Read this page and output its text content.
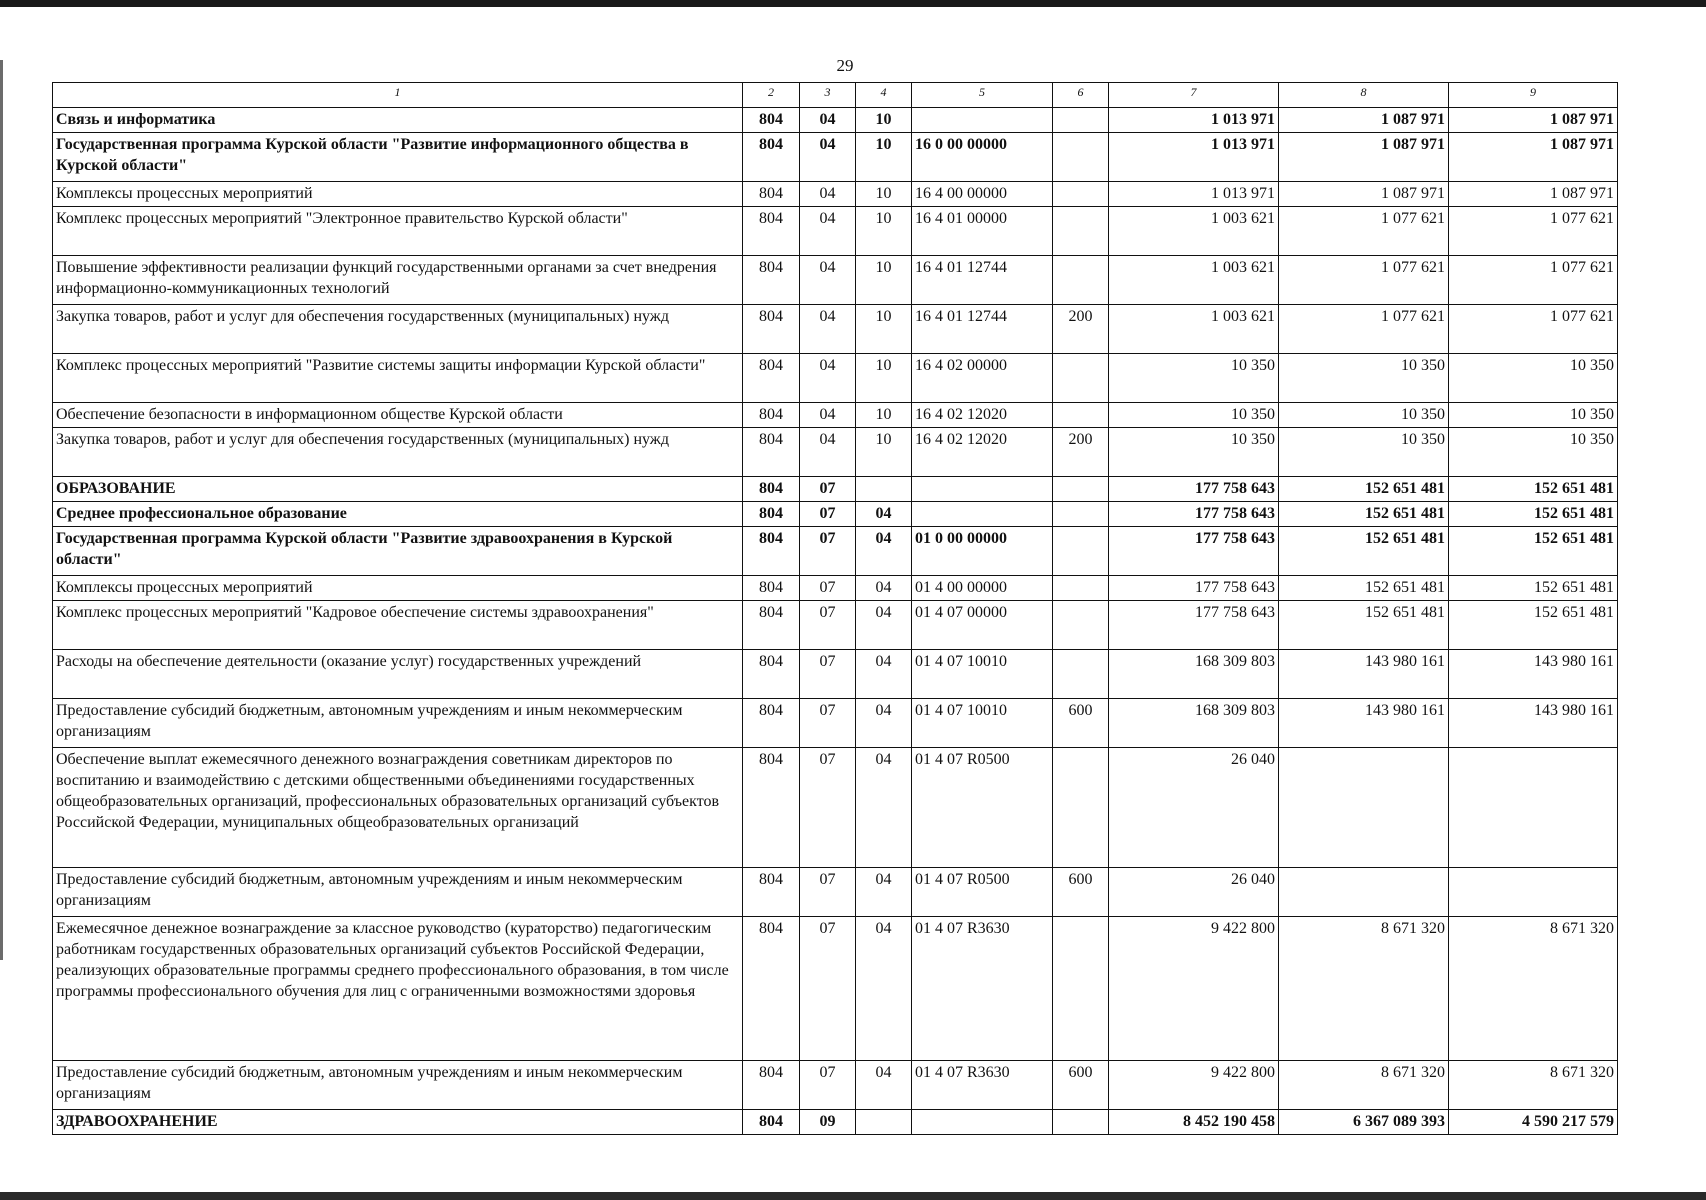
29
1	2	3	4	5	6	7	8	9
Связь и информатика	804	04	10			1 013 971	1 087 971	1 087 971
Государственная программа Курской области "Развитие информационного общества в Курской области"	804	04	10	16 0 00 00000		1 013 971	1 087 971	1 087 971
Комплексы процессных мероприятий	804	04	10	16 4 00 00000		1 013 971	1 087 971	1 087 971
Комплекс процессных мероприятий "Электронное правительство Курской области"	804	04	10	16 4 01 00000		1 003 621	1 077 621	1 077 621
Повышение эффективности реализации функций государственными органами за счет внедрения информационно-коммуникационных технологий	804	04	10	16 4 01 12744		1 003 621	1 077 621	1 077 621
Закупка товаров, работ и услуг для обеспечения государственных (муниципальных) нужд	804	04	10	16 4 01 12744	200	1 003 621	1 077 621	1 077 621
Комплекс процессных мероприятий "Развитие системы защиты информации Курской области"	804	04	10	16 4 02 00000		10 350	10 350	10 350
Обеспечение безопасности в информационном обществе Курской области	804	04	10	16 4 02 12020		10 350	10 350	10 350
Закупка товаров, работ и услуг для обеспечения государственных (муниципальных) нужд	804	04	10	16 4 02 12020	200	10 350	10 350	10 350
ОБРАЗОВАНИЕ	804	07				177 758 643	152 651 481	152 651 481
Среднее профессиональное образование	804	07	04			177 758 643	152 651 481	152 651 481
Государственная программа Курской области "Развитие здравоохранения в Курской области"	804	07	04	01 0 00 00000		177 758 643	152 651 481	152 651 481
Комплексы процессных мероприятий	804	07	04	01 4 00 00000		177 758 643	152 651 481	152 651 481
Комплекс процессных мероприятий "Кадровое обеспечение системы здравоохранения"	804	07	04	01 4 07 00000		177 758 643	152 651 481	152 651 481
Расходы на обеспечение деятельности (оказание услуг) государственных учреждений	804	07	04	01 4 07 10010		168 309 803	143 980 161	143 980 161
Предоставление субсидий бюджетным, автономным учреждениям и иным некоммерческим организациям	804	07	04	01 4 07 10010	600	168 309 803	143 980 161	143 980 161
Обеспечение выплат ежемесячного денежного вознаграждения советникам директоров по воспитанию и взаимодействию с детскими общественными объединениями государственных общеобразовательных организаций, профессиональных образовательных организаций субъектов Российской Федерации, муниципальных общеобразовательных организаций	804	07	04	01 4 07 R0500		26 040		
Предоставление субсидий бюджетным, автономным учреждениям и иным некоммерческим организациям	804	07	04	01 4 07 R0500	600	26 040		
Ежемесячное денежное вознаграждение за классное руководство (кураторство) педагогическим работникам государственных образовательных организаций субъектов Российской Федерации, реализующих образовательные программы среднего профессионального образования, в том числе программы профессионального обучения для лиц с ограниченными возможностями здоровья	804	07	04	01 4 07 R3630		9 422 800	8 671 320	8 671 320
Предоставление субсидий бюджетным, автономным учреждениям и иным некоммерческим организациям	804	07	04	01 4 07 R3630	600	9 422 800	8 671 320	8 671 320
ЗДРАВООХРАНЕНИЕ	804	09				8 452 190 458	6 367 089 393	4 590 217 579
